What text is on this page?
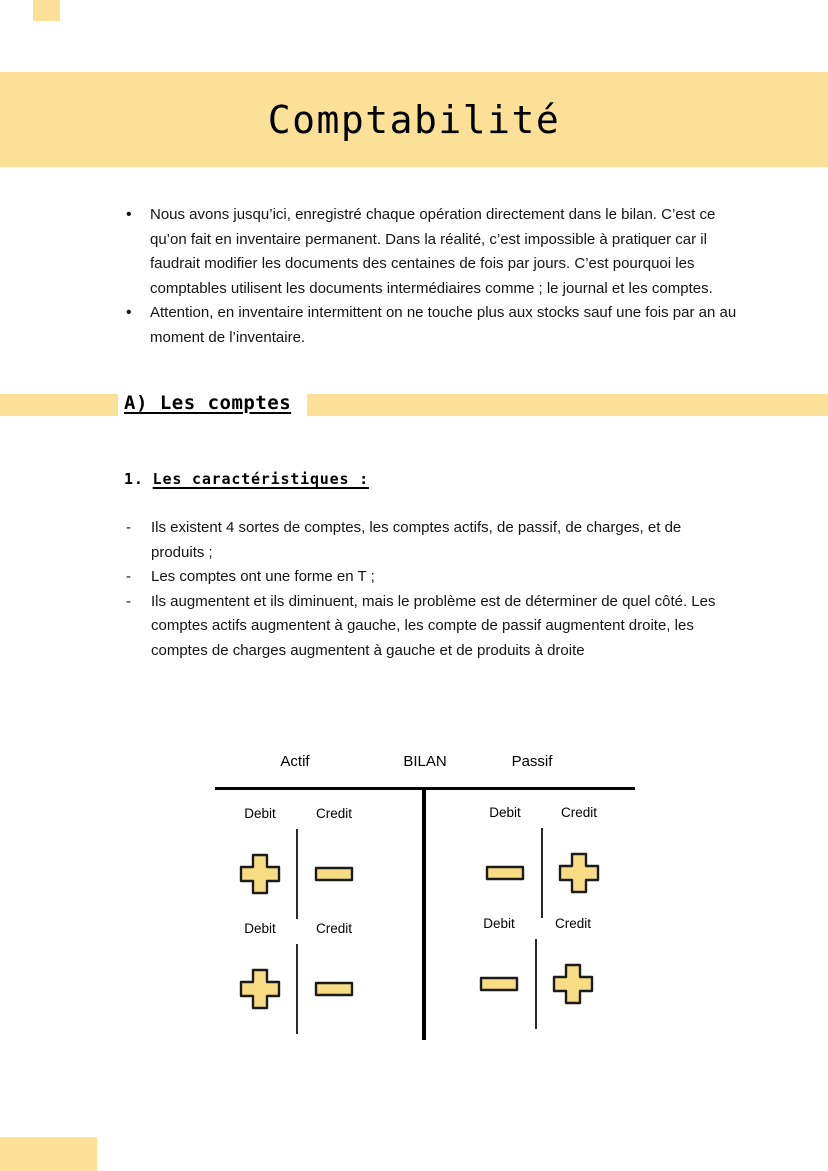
Comptabilité
• Nous avons jusqu’ici, enregistré chaque opération directement dans le bilan. C’est ce qu’on fait en inventaire permanent. Dans la réalité, c’est impossible à pratiquer car il faudrait modifier les documents des centaines de fois par jours. C’est pourquoi les comptables utilisent les documents intermédiaires comme ; le journal et les comptes.
• Attention, en inventaire intermittent on ne touche plus aux stocks sauf une fois par an au moment de l’inventaire.
A) Les comptes
1. Les caractéristiques :
- Ils existent 4 sortes de comptes, les comptes actifs, de passif, de charges, et de produits ;
- Les comptes ont une forme en T ;
- Ils augmentent et ils diminuent, mais le problème est de déterminer de quel côté. Les comptes actifs augmentent à gauche, les compte de passif augmentent droite, les comptes de charges augmentent à gauche et de produits à droite
Actif	BILAN	Passif
Debit	Credit
Debit	Credit
Debit	Credit
Debit	Credit
